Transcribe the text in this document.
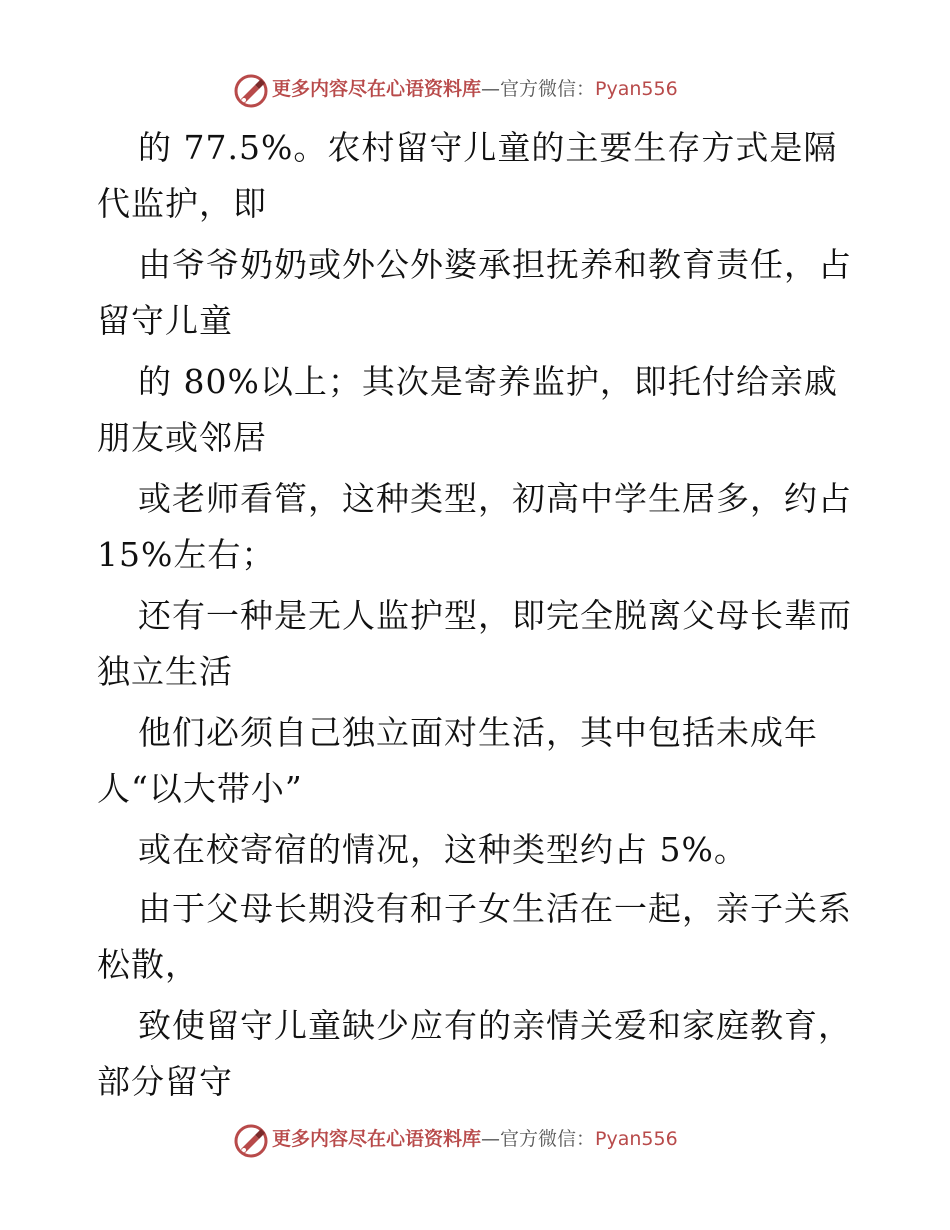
更多内容尽在心语资料库—官方微信：Pyan556
的 77.5%。农村留守儿童的主要生存方式是隔
代监护，即
由爷爷奶奶或外公外婆承担抚养和教育责任，占
留守儿童
的 80%以上；其次是寄养监护，即托付给亲戚
朋友或邻居
或老师看管，这种类型，初高中学生居多，约占
15%左右；
还有一种是无人监护型，即完全脱离父母长辈而
独立生活
他们必须自己独立面对生活，其中包括未成年
人“以大带小”
或在校寄宿的情况，这种类型约占 5%。
由于父母长期没有和子女生活在一起，亲子关系
松散，
致使留守儿童缺少应有的亲情关爱和家庭教育，
部分留守
更多内容尽在心语资料库—官方微信：Pyan556
